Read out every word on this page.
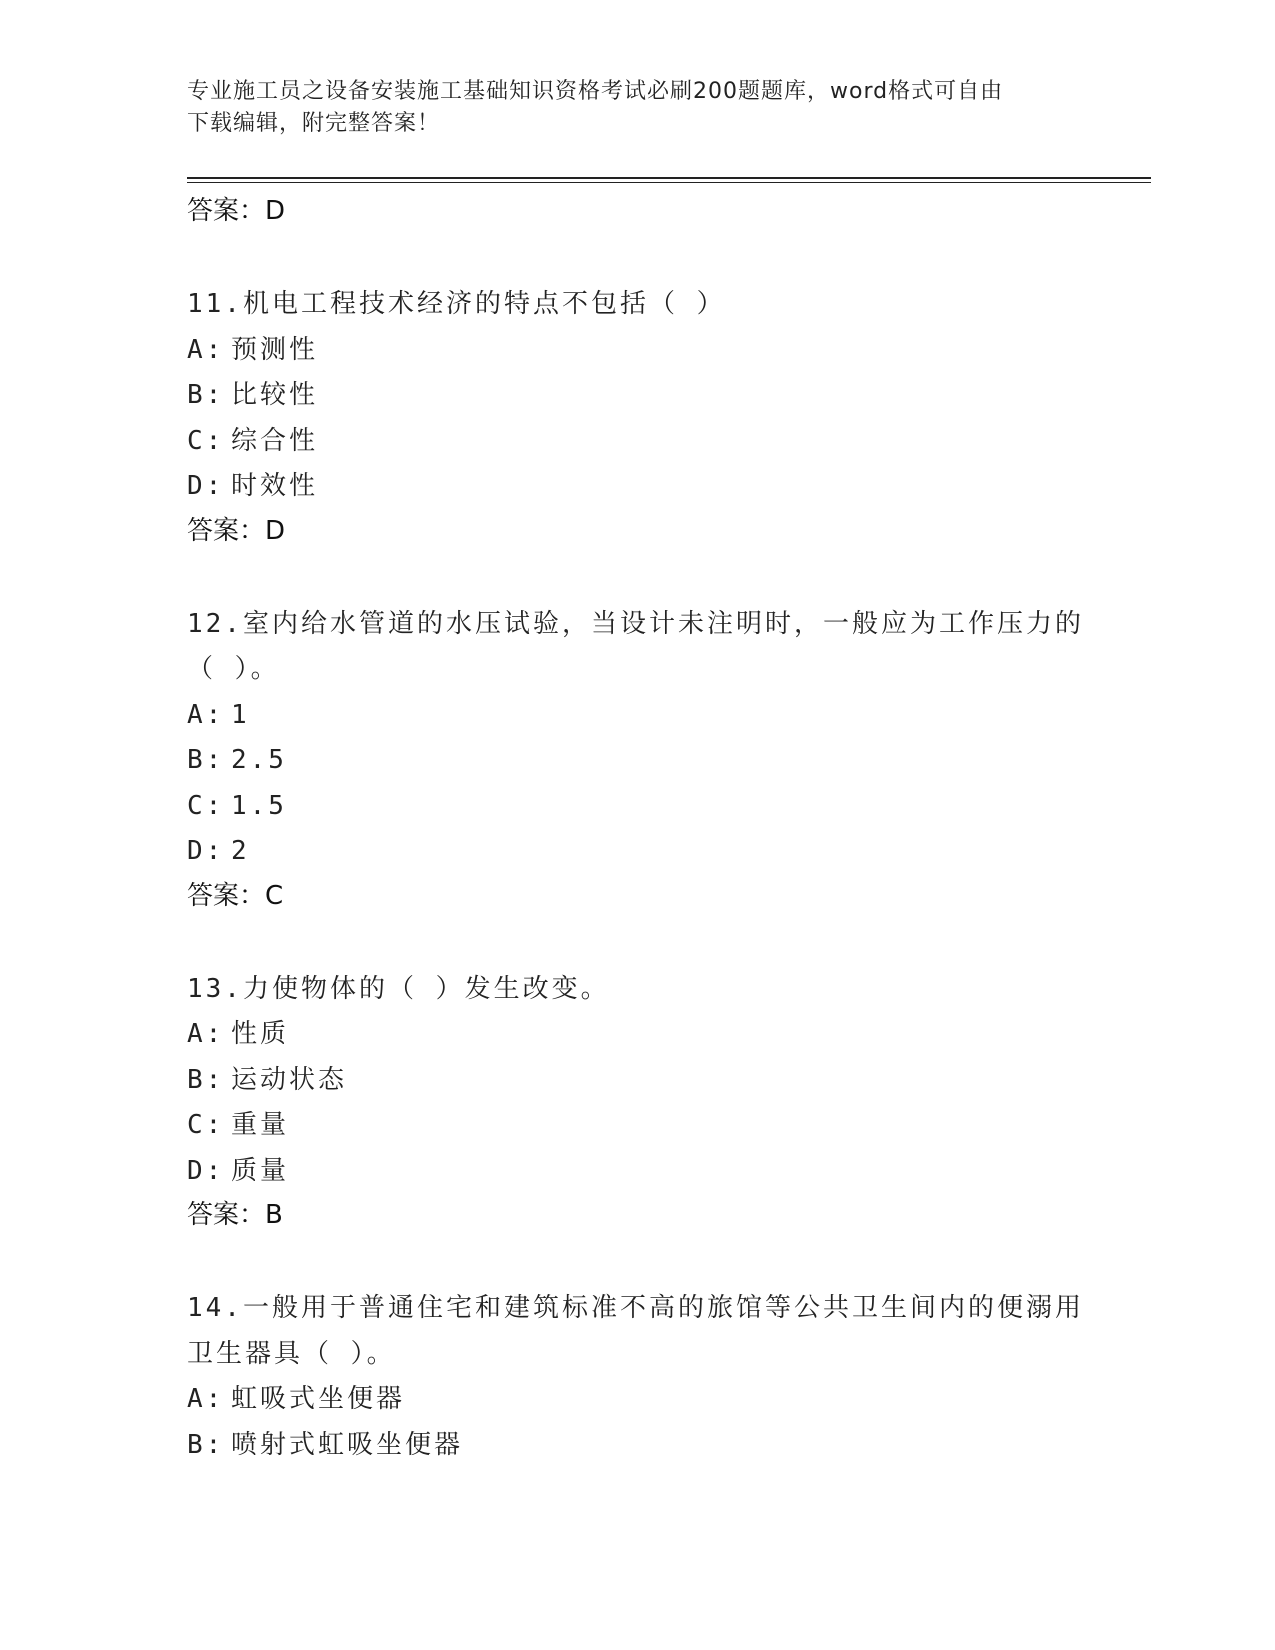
专业施工员之设备安装施工基础知识资格考试必刷200题题库，word格式可自由
下载编辑，附完整答案！
答案：D
11.机电工程技术经济的特点不包括（ ）
A: 预测性
B: 比较性
C: 综合性
D: 时效性
答案：D
12.室内给水管道的水压试验，当设计未注明时，一般应为工作压力的（ ）。
A: 1
B: 2.5
C: 1.5
D: 2
答案：C
13.力使物体的（ ）发生改变。
A: 性质
B: 运动状态
C: 重量
D: 质量
答案：B
14.一般用于普通住宅和建筑标准不高的旅馆等公共卫生间内的便溺用卫生器具（ ）。
A: 虹吸式坐便器
B: 喷射式虹吸坐便器
